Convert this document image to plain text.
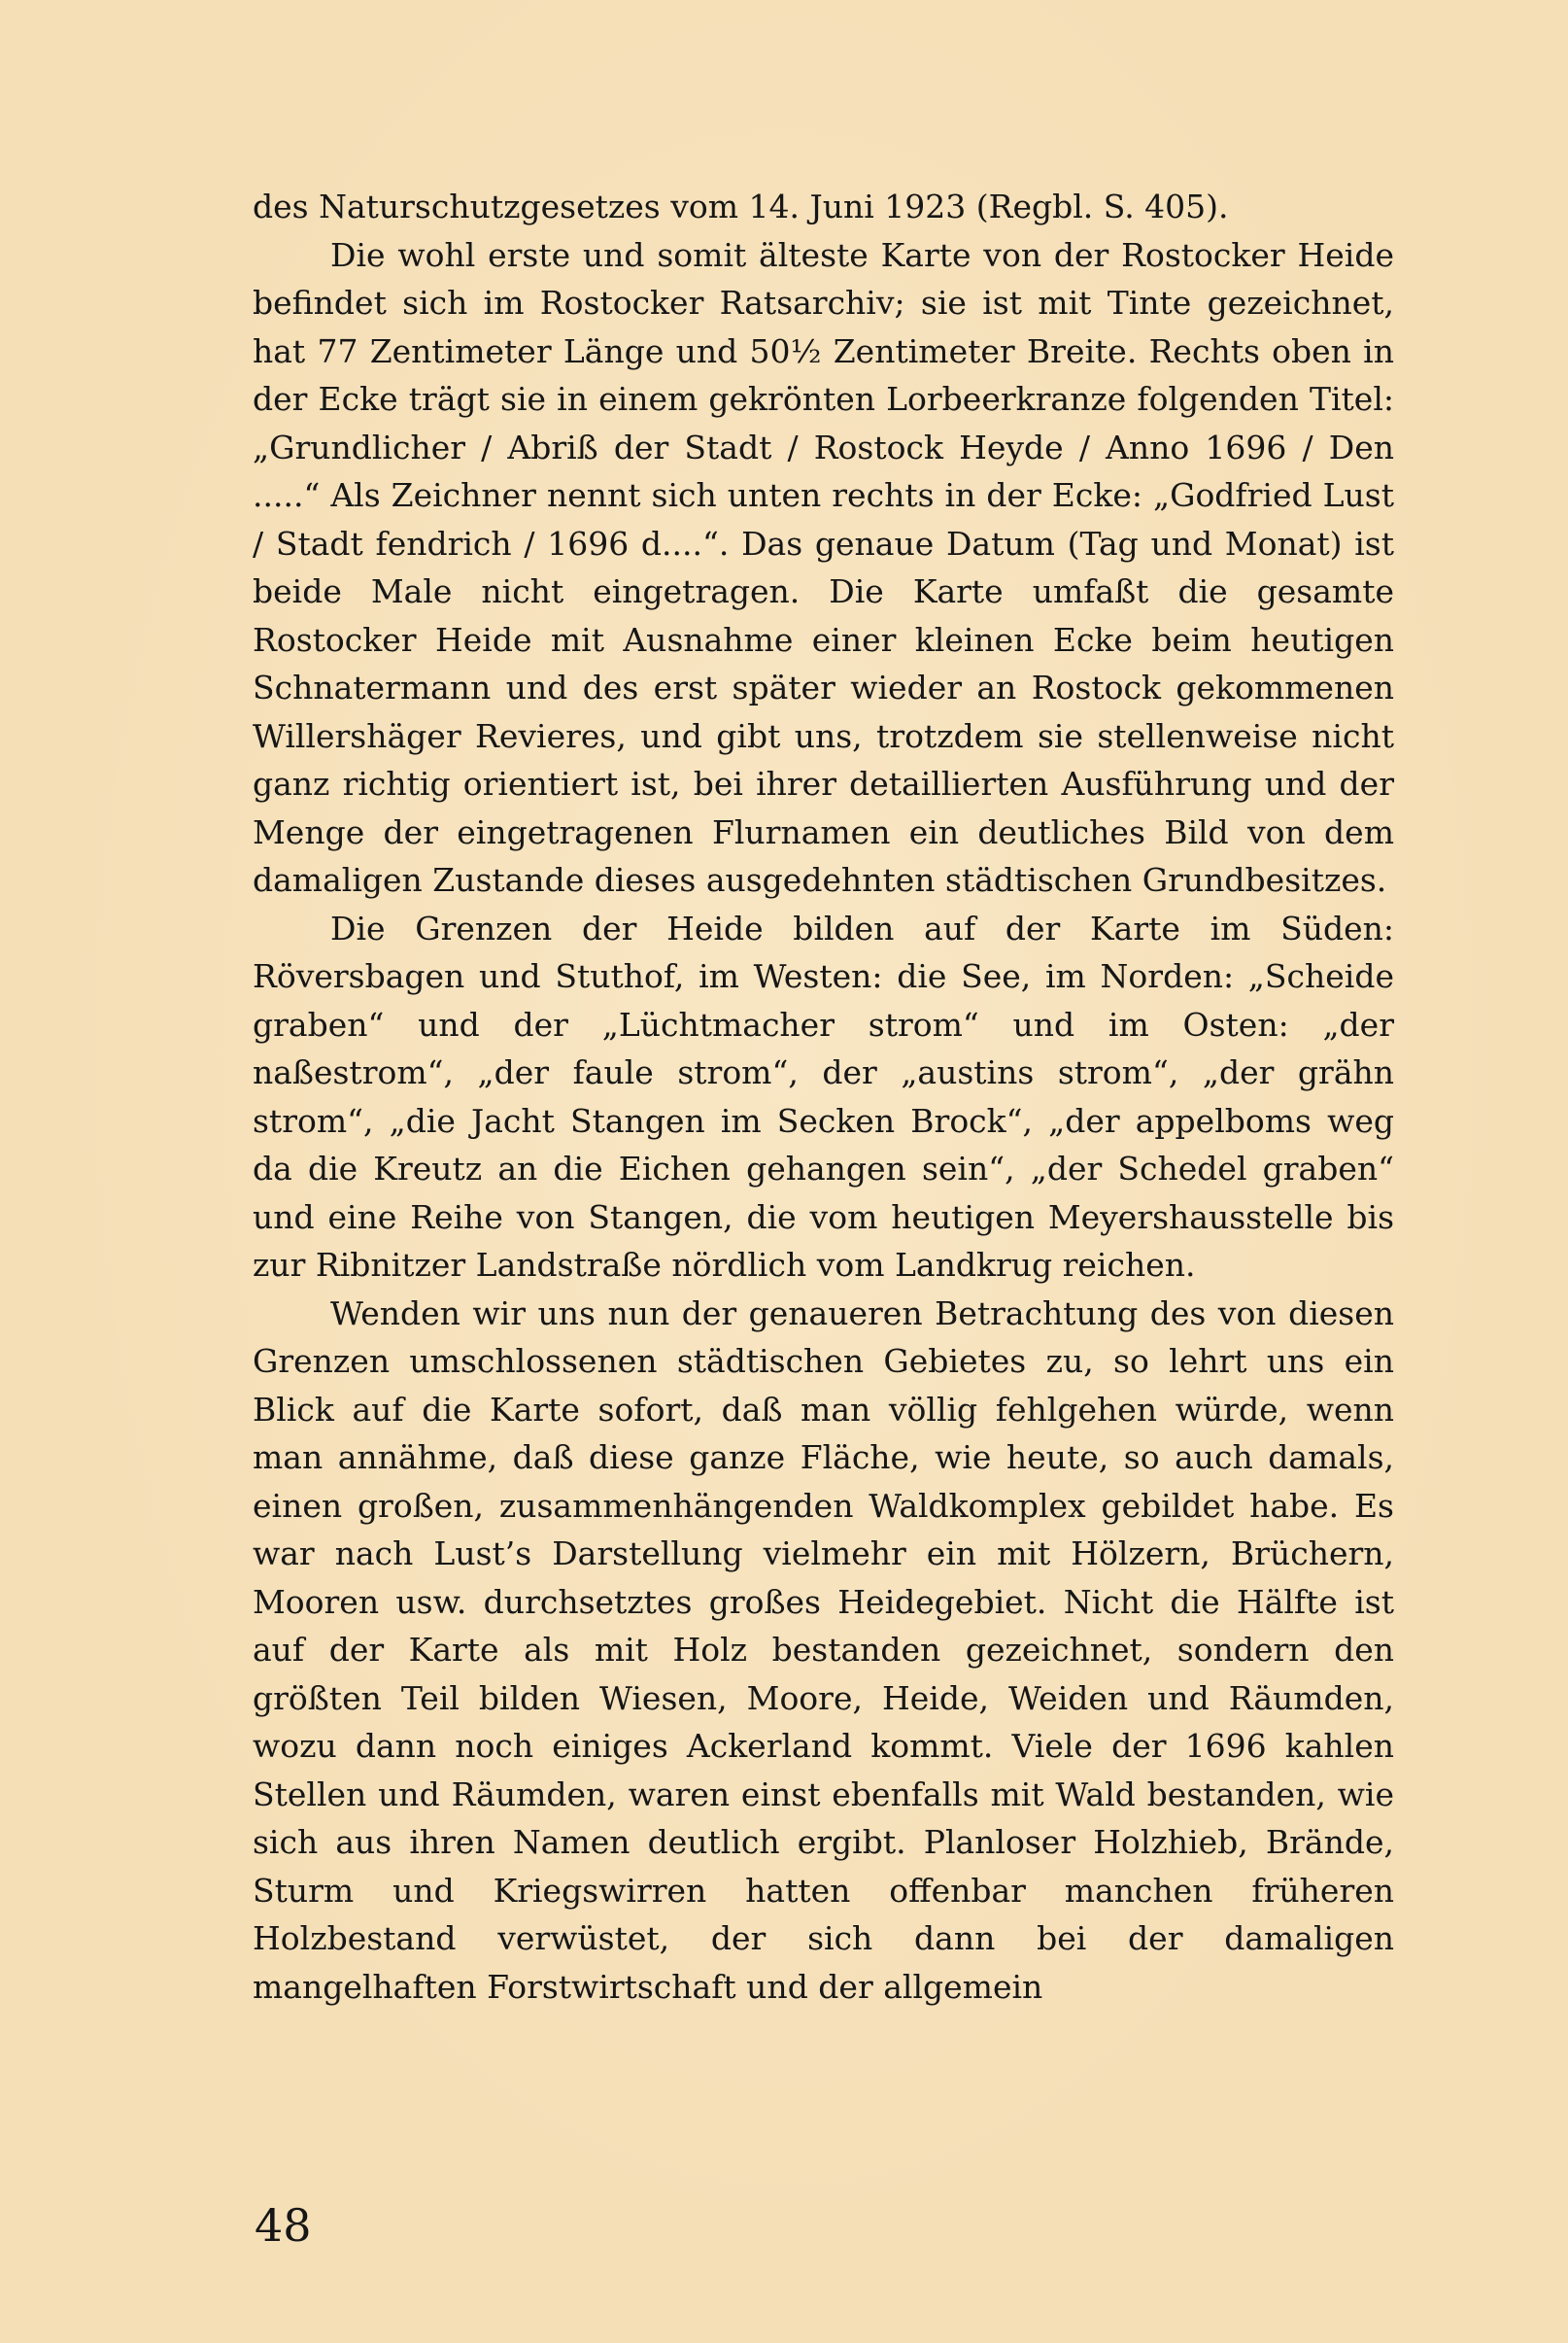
des Naturschutzgesetzes vom 14. Juni 1923 (Regbl. S. 405).

Die wohl erste und somit älteste Karte von der Rostocker Heide befindet sich im Rostocker Ratsarchiv; sie ist mit Tinte gezeichnet, hat 77 Zentimeter Länge und 50½ Zentimeter Breite. Rechts oben in der Ecke trägt sie in einem gekrönten Lorbeerkranze folgenden Titel: „Grundlicher / Abriß der Stadt / Rostock Heyde / Anno 1696 / Den .....“ Als Zeichner nennt sich unten rechts in der Ecke: „Godfried Lust / Stadt fendrich / 1696 d....“. Das genaue Datum (Tag und Monat) ist beide Male nicht eingetragen. Die Karte umfaßt die gesamte Rostocker Heide mit Ausnahme einer kleinen Ecke beim heutigen Schnatermann und des erst später wieder an Rostock gekommenen Willershäger Revieres, und gibt uns, trotzdem sie stellenweise nicht ganz richtig orientiert ist, bei ihrer detaillierten Ausführung und der Menge der eingetragenen Flurnamen ein deutliches Bild von dem damaligen Zustande dieses ausgedehnten städtischen Grundbesitzes.

Die Grenzen der Heide bilden auf der Karte im Süden: Röversbagen und Stuthof, im Westen: die See, im Norden: „Scheide graben“ und der „Lüchtmacher strom“ und im Osten: „der naßestrom“, „der faule strom“, der „austins strom“, „der grähn strom“, „die Jacht Stangen im Secken Brock“, „der appelboms weg da die Kreutz an die Eichen gehangen sein“, „der Schedel graben“ und eine Reihe von Stangen, die vom heutigen Meyershausstelle bis zur Ribnitzer Landstraße nördlich vom Landkrug reichen.

Wenden wir uns nun der genaueren Betrachtung des von diesen Grenzen umschlossenen städtischen Gebietes zu, so lehrt uns ein Blick auf die Karte sofort, daß man völlig fehlgehen würde, wenn man annähme, daß diese ganze Fläche, wie heute, so auch damals, einen großen, zusammenhängenden Waldkomplex gebildet habe. Es war nach Lust’s Darstellung vielmehr ein mit Hölzern, Brüchern, Mooren usw. durchsetztes großes Heidegebiet. Nicht die Hälfte ist auf der Karte als mit Holz bestanden gezeichnet, sondern den größten Teil bilden Wiesen, Moore, Heide, Weiden und Räumden, wozu dann noch einiges Ackerland kommt. Viele der 1696 kahlen Stellen und Räumden, waren einst ebenfalls mit Wald bestanden, wie sich aus ihren Namen deutlich ergibt. Planloser Holzhieb, Brände, Sturm und Kriegswirren hatten offenbar manchen früheren Holzbestand verwüstet, der sich dann bei der damaligen mangelhaften Forstwirtschaft und der allgemein

48
